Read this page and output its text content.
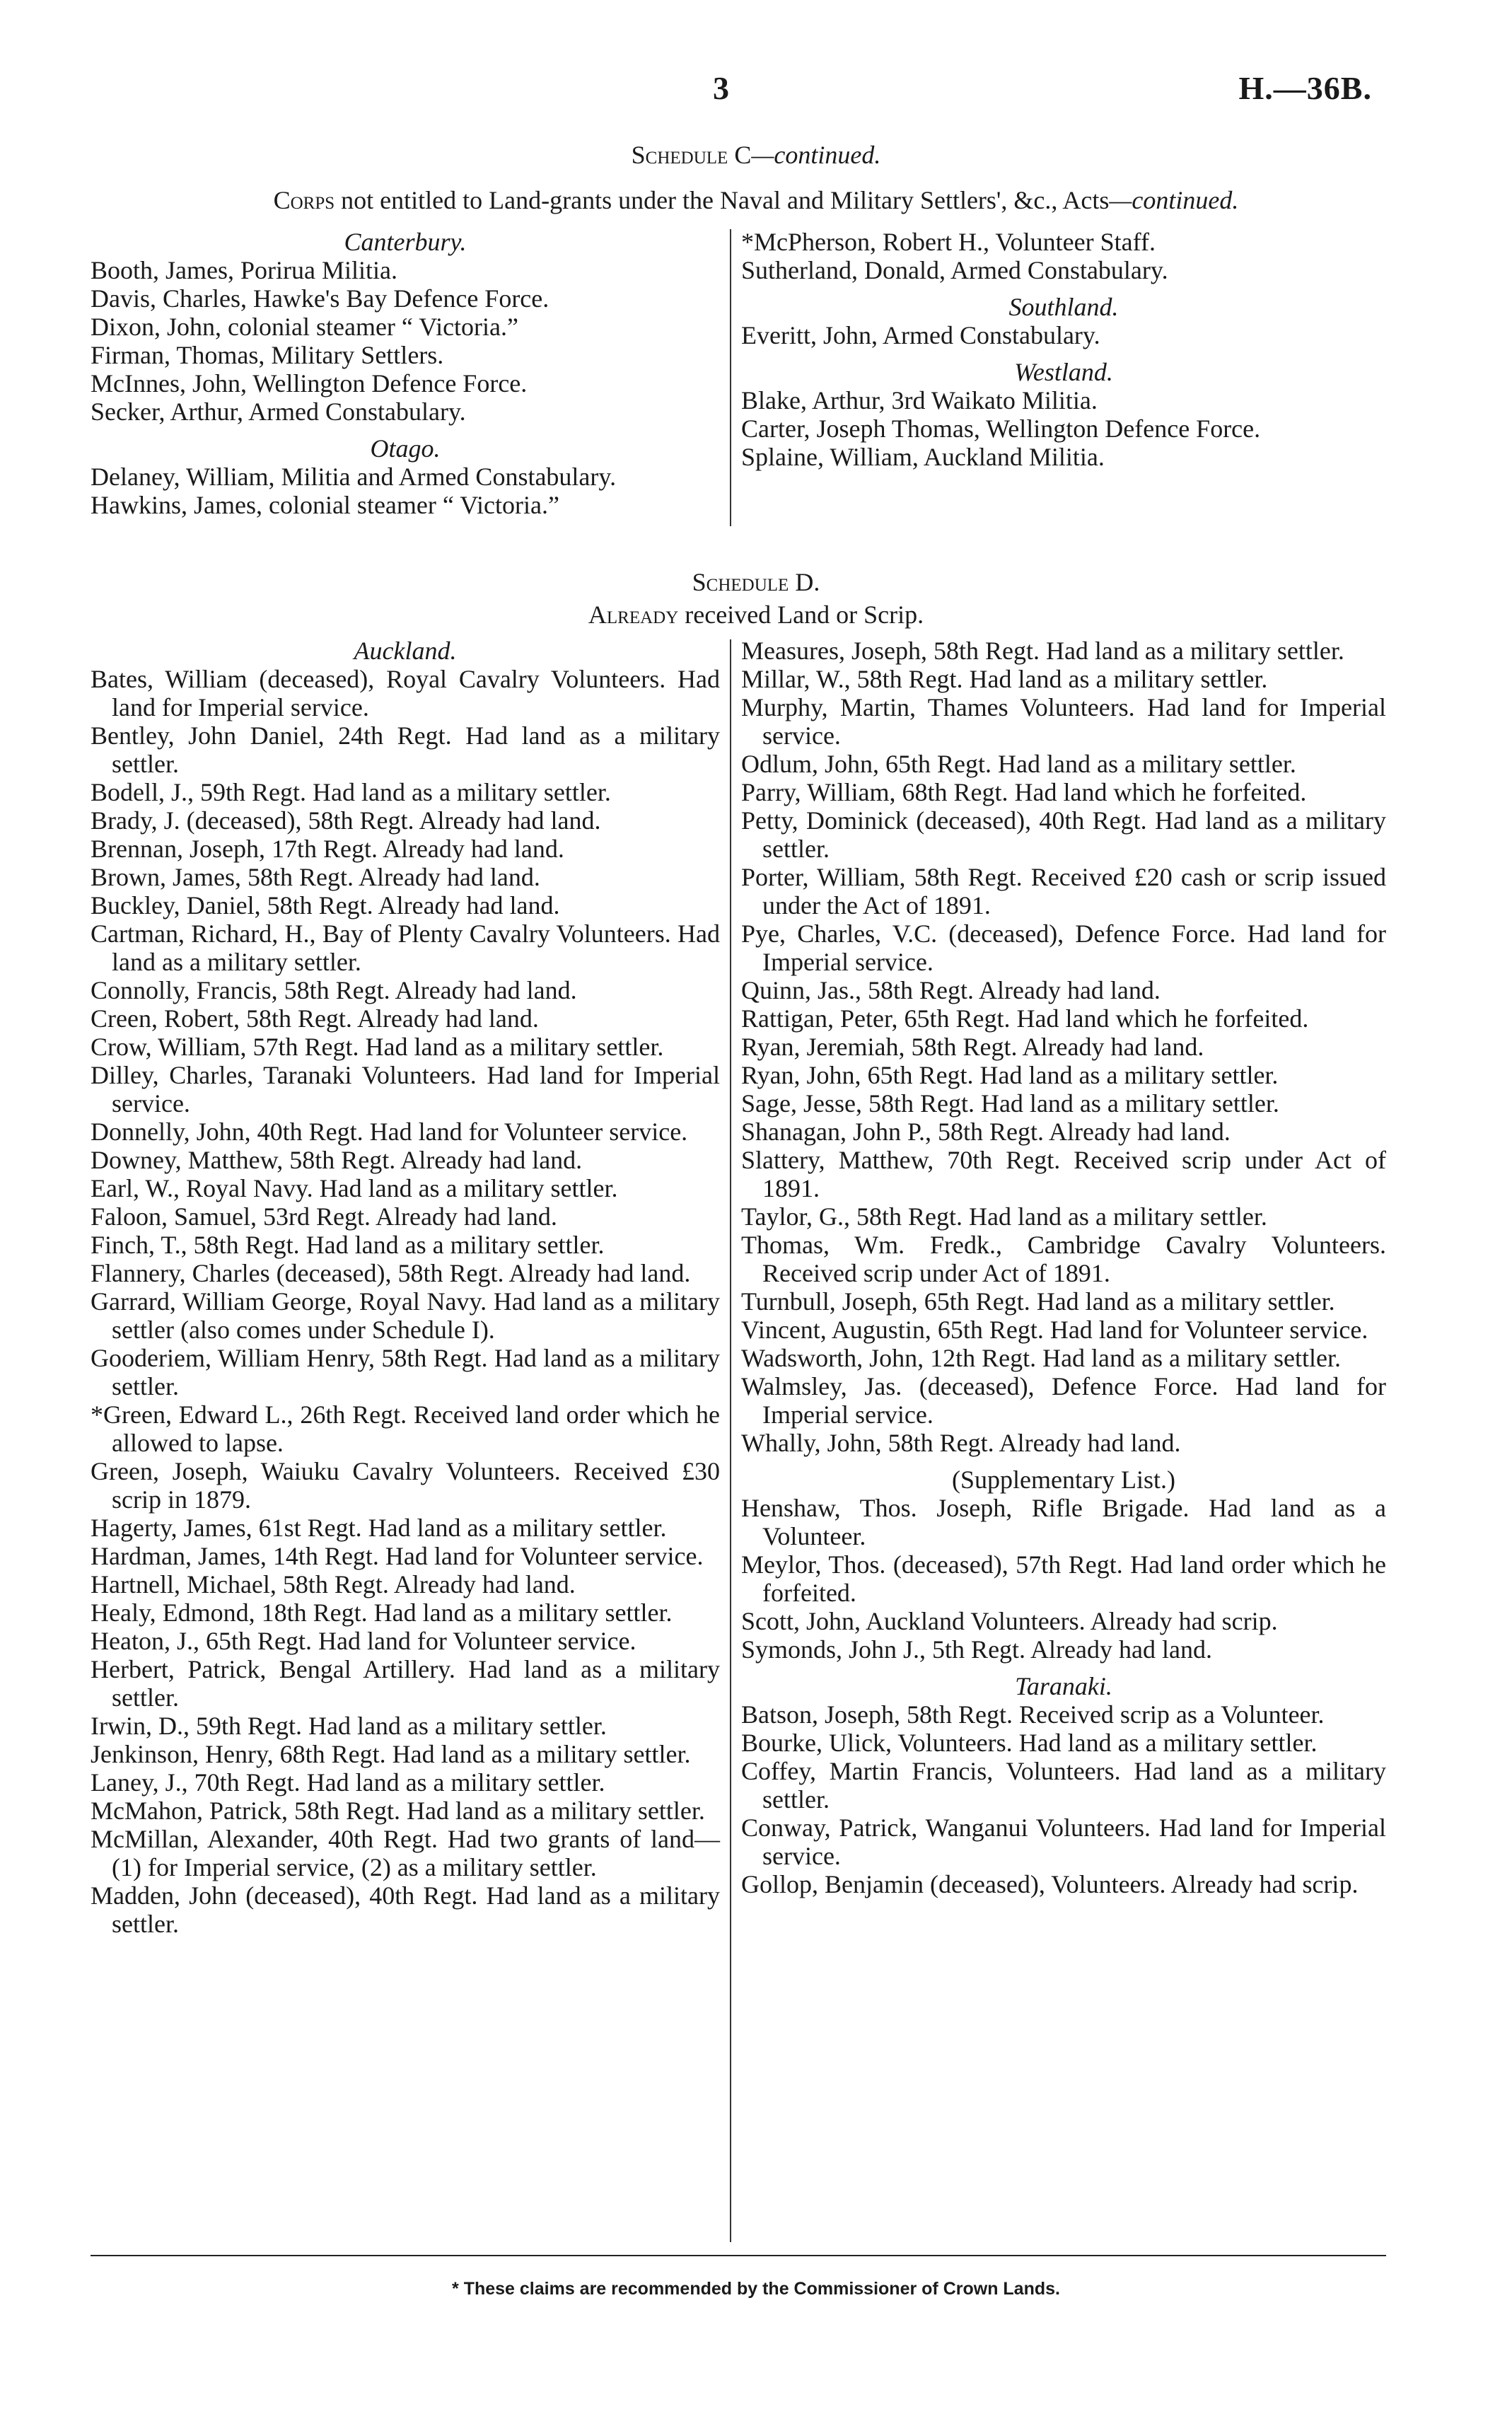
3	H.—36B.
Schedule C—continued.
Corps not entitled to Land-grants under the Naval and Military Settlers', &c., Acts—continued.
Canterbury.

Booth, James, Porirua Militia.

Davis, Charles, Hawke's Bay Defence Force.

Dixon, John, colonial steamer “ Victoria.”

Firman, Thomas, Military Settlers.

McInnes, John, Wellington Defence Force.

Secker, Arthur, Armed Constabulary.

Otago.

Delaney, William, Militia and Armed Constabulary.

Hawkins, James, colonial steamer “ Victoria.”

*McPherson, Robert H., Volunteer Staff.

Sutherland, Donald, Armed Constabulary.

Southland.

Everitt, John, Armed Constabulary.

Westland.

Blake, Arthur, 3rd Waikato Militia.

Carter, Joseph Thomas, Wellington Defence Force.

Splaine, William, Auckland Militia.

Schedule D.
Already received Land or Scrip.
Auckland.

Bates, William (deceased), Royal Cavalry Volunteers. Had land for Imperial service.

Bentley, John Daniel, 24th Regt. Had land as a military settler.

Bodell, J., 59th Regt. Had land as a military settler.

Brady, J. (deceased), 58th Regt. Already had land.

Brennan, Joseph, 17th Regt. Already had land.

Brown, James, 58th Regt. Already had land.

Buckley, Daniel, 58th Regt. Already had land.

Cartman, Richard, H., Bay of Plenty Cavalry Volunteers. Had land as a military settler.

Connolly, Francis, 58th Regt. Already had land.

Creen, Robert, 58th Regt. Already had land.

Crow, William, 57th Regt. Had land as a military settler.

Dilley, Charles, Taranaki Volunteers. Had land for Imperial service.

Donnelly, John, 40th Regt. Had land for Volunteer service.

Downey, Matthew, 58th Regt. Already had land.

Earl, W., Royal Navy. Had land as a military settler.

Faloon, Samuel, 53rd Regt. Already had land.

Finch, T., 58th Regt. Had land as a military settler.

Flannery, Charles (deceased), 58th Regt. Already had land.

Garrard, William George, Royal Navy. Had land as a military settler (also comes under Schedule I).

Gooderiem, William Henry, 58th Regt. Had land as a military settler.

*Green, Edward L., 26th Regt. Received land order which he allowed to lapse.

Green, Joseph, Waiuku Cavalry Volunteers. Received £30 scrip in 1879.

Hagerty, James, 61st Regt. Had land as a military settler.

Hardman, James, 14th Regt. Had land for Volunteer service.

Hartnell, Michael, 58th Regt. Already had land.

Healy, Edmond, 18th Regt. Had land as a military settler.

Heaton, J., 65th Regt. Had land for Volunteer service.

Herbert, Patrick, Bengal Artillery. Had land as a military settler.

Irwin, D., 59th Regt. Had land as a military settler.

Jenkinson, Henry, 68th Regt. Had land as a military settler.

Laney, J., 70th Regt. Had land as a military settler.

McMahon, Patrick, 58th Regt. Had land as a military settler.

McMillan, Alexander, 40th Regt. Had two grants of land—(1) for Imperial service, (2) as a military settler.

Madden, John (deceased), 40th Regt. Had land as a military settler.

Measures, Joseph, 58th Regt. Had land as a military settler.

Millar, W., 58th Regt. Had land as a military settler.

Murphy, Martin, Thames Volunteers. Had land for Imperial service.

Odlum, John, 65th Regt. Had land as a military settler.

Parry, William, 68th Regt. Had land which he forfeited.

Petty, Dominick (deceased), 40th Regt. Had land as a military settler.

Porter, William, 58th Regt. Received £20 cash or scrip issued under the Act of 1891.

Pye, Charles, V.C. (deceased), Defence Force. Had land for Imperial service.

Quinn, Jas., 58th Regt. Already had land.

Rattigan, Peter, 65th Regt. Had land which he forfeited.

Ryan, Jeremiah, 58th Regt. Already had land.

Ryan, John, 65th Regt. Had land as a military settler.

Sage, Jesse, 58th Regt. Had land as a military settler.

Shanagan, John P., 58th Regt. Already had land.

Slattery, Matthew, 70th Regt. Received scrip under Act of 1891.

Taylor, G., 58th Regt. Had land as a military settler.

Thomas, Wm. Fredk., Cambridge Cavalry Volunteers. Received scrip under Act of 1891.

Turnbull, Joseph, 65th Regt. Had land as a military settler.

Vincent, Augustin, 65th Regt. Had land for Volunteer service.

Wadsworth, John, 12th Regt. Had land as a military settler.

Walmsley, Jas. (deceased), Defence Force. Had land for Imperial service.

Whally, John, 58th Regt. Already had land.

(Supplementary List.)

Henshaw, Thos. Joseph, Rifle Brigade. Had land as a Volunteer.

Meylor, Thos. (deceased), 57th Regt. Had land order which he forfeited.

Scott, John, Auckland Volunteers. Already had scrip.

Symonds, John J., 5th Regt. Already had land.

Taranaki.

Batson, Joseph, 58th Regt. Received scrip as a Volunteer.

Bourke, Ulick, Volunteers. Had land as a military settler.

Coffey, Martin Francis, Volunteers. Had land as a military settler.

Conway, Patrick, Wanganui Volunteers. Had land for Imperial service.

Gollop, Benjamin (deceased), Volunteers. Already had scrip.

* These claims are recommended by the Commissioner of Crown Lands.
